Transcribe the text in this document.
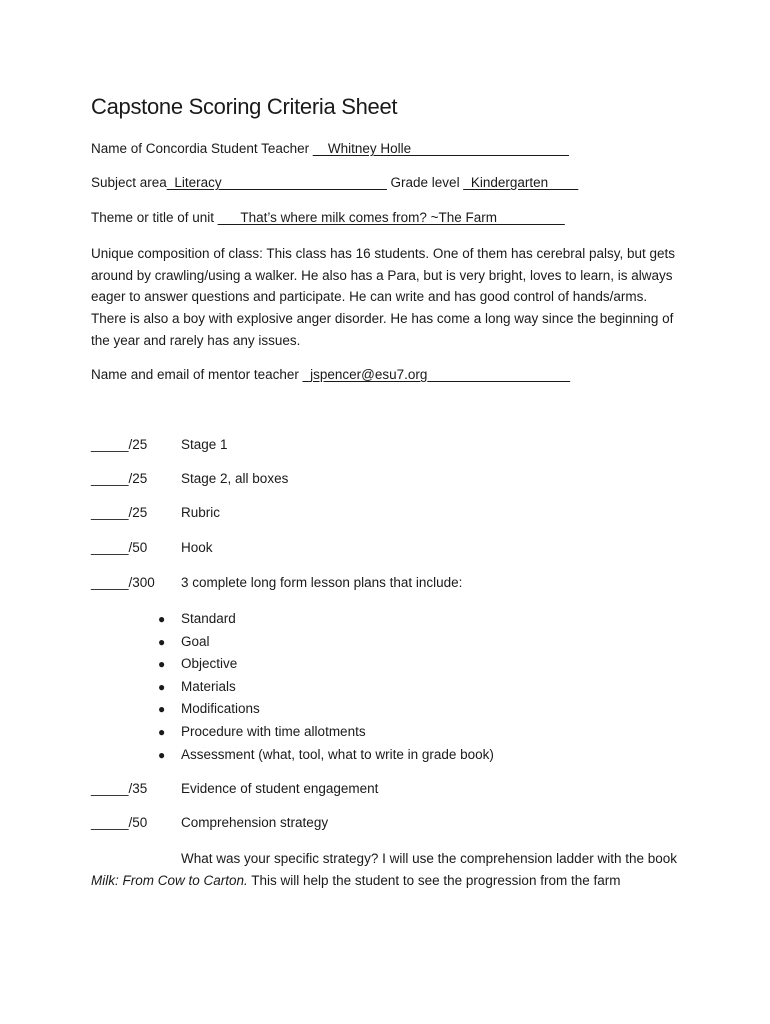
Capstone Scoring Criteria Sheet
Name of Concordia Student Teacher __Whitney Holle_____________________
Subject area_Literacy______________________ Grade level _Kindergarten____
Theme or title of unit ___That’s where milk comes from? ~The Farm_________
Unique composition of class: This class has 16 students. One of them has cerebral palsy, but gets around by crawling/using a walker. He also has a Para, but is very bright, loves to learn, is always eager to answer questions and participate. He can write and has good control of hands/arms. There is also a boy with explosive anger disorder. He has come a long way since the beginning of the year and rarely has any issues.
Name and email of mentor teacher _jspencer@esu7.org___________________
_____/25 Stage 1
_____/25 Stage 2, all boxes
_____/25 Rubric
_____/50 Hook
_____/300 3 complete long form lesson plans that include:
● Standard
● Goal
● Objective
● Materials
● Modifications
● Procedure with time allotments
● Assessment (what, tool, what to write in grade book)
_____/35 Evidence of student engagement
_____/50 Comprehension strategy
What was your specific strategy? I will use the comprehension ladder with the book Milk: From Cow to Carton. This will help the student to see the progression from the farm
